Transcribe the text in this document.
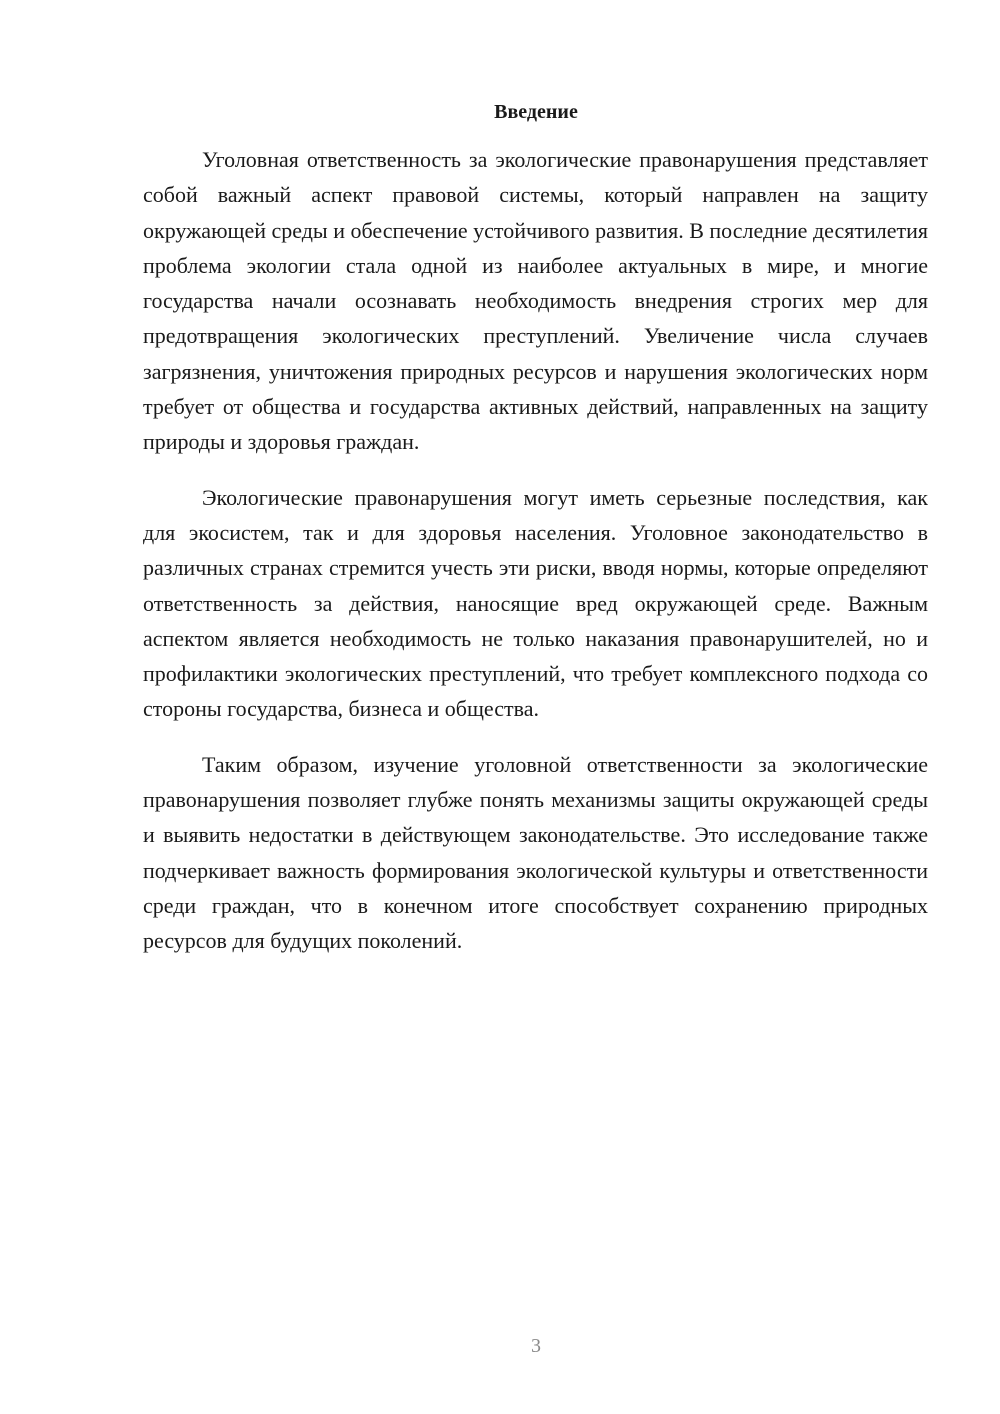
Введение

Уголовная ответственность за экологические правонарушения представляет собой важный аспект правовой системы, который направлен на защиту окружающей среды и обеспечение устойчивого развития. В последние десятилетия проблема экологии стала одной из наиболее актуальных в мире, и многие государства начали осознавать необходимость внедрения строгих мер для предотвращения экологических преступлений. Увеличение числа случаев загрязнения, уничтожения природных ресурсов и нарушения экологических норм требует от общества и государства активных действий, направленных на защиту природы и здоровья граждан.

Экологические правонарушения могут иметь серьезные последствия, как для экосистем, так и для здоровья населения. Уголовное законодательство в различных странах стремится учесть эти риски, вводя нормы, которые определяют ответственность за действия, наносящие вред окружающей среде. Важным аспектом является необходимость не только наказания правонарушителей, но и профилактики экологических преступлений, что требует комплексного подхода со стороны государства, бизнеса и общества.

Таким образом, изучение уголовной ответственности за экологические правонарушения позволяет глубже понять механизмы защиты окружающей среды и выявить недостатки в действующем законодательстве. Это исследование также подчеркивает важность формирования экологической культуры и ответственности среди граждан, что в конечном итоге способствует сохранению природных ресурсов для будущих поколений.

3
